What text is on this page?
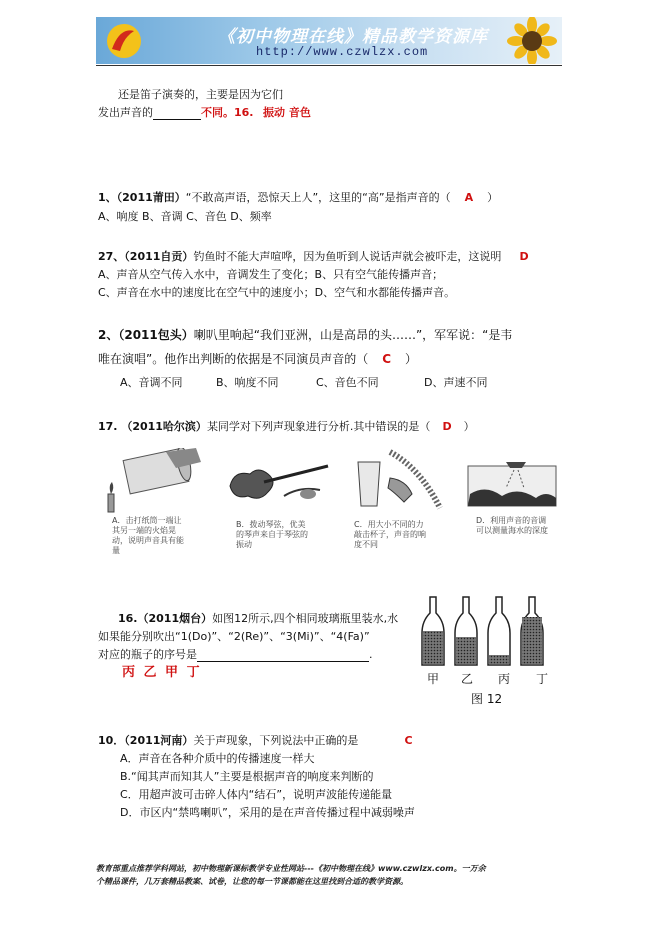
《初中物理在线》精品教学资源库
http://www.czwlzx.com
还是笛子演奏的，主要是因为它们
发出声音的	不同。16. 振动 音色
1、（2011莆田）“不敢高声语，恐惊天上人”，这里的“高”是指声音的（ A ）
A、响度 B、音调 C、音色 D、频率
27、（2011自贡）钓鱼时不能大声喧哗，因为鱼听到人说话声就会被吓走，这说明 D
A、声音从空气传入水中，音调发生了变化；B、只有空气能传播声音；
C、声音在水中的速度比在空气中的速度小；D、空气和水都能传播声音。
2、（2011包头）喇叭里响起“我们亚洲，山是高昂的头……”，军军说：“是韦
唯在演唱”。他作出判断的依据是不同演员声音的（ C ）
A、音调不同	B、响度不同	C、音色不同	D、声速不同
17. （2011哈尔滨）某同学对下列声现象进行分析.其中错误的是（ D ）
A．击打纸筒一端让其另一端的火焰晃动，说明声音具有能量
B．拨动琴弦，优美的琴声来自于琴弦的振动
C．用大小不同的力敲击杯子，声音的响度不同
D．利用声音的音调可以测量海水的深度
16.（2011烟台）如图12所示,四个相同玻璃瓶里装水,水
如果能分别吹出“1(Do)”、“2(Re)”、“3(Mi)”、“4(Fa)”
对应的瓶子的序号是	.
丙 乙 甲 丁	甲 乙 丙 丁
图 12
10．（2011河南）关于声现象，下列说法中正确的是	C
A．声音在各种介质中的传播速度一样大
B.“闻其声而知其人”主要是根据声音的响度来判断的
C．用超声波可击碎人体内“结石”，说明声波能传递能量
D．市区内“禁鸣喇叭”，采用的是在声音传播过程中减弱噪声
教育部重点推荐学科网站，初中物理新课标教学专业性网站---《初中物理在线》www.czwlzx.com。一万余
个精品课件，几万套精品教案、试卷，让您的每一节课都能在这里找到合适的教学资源。
